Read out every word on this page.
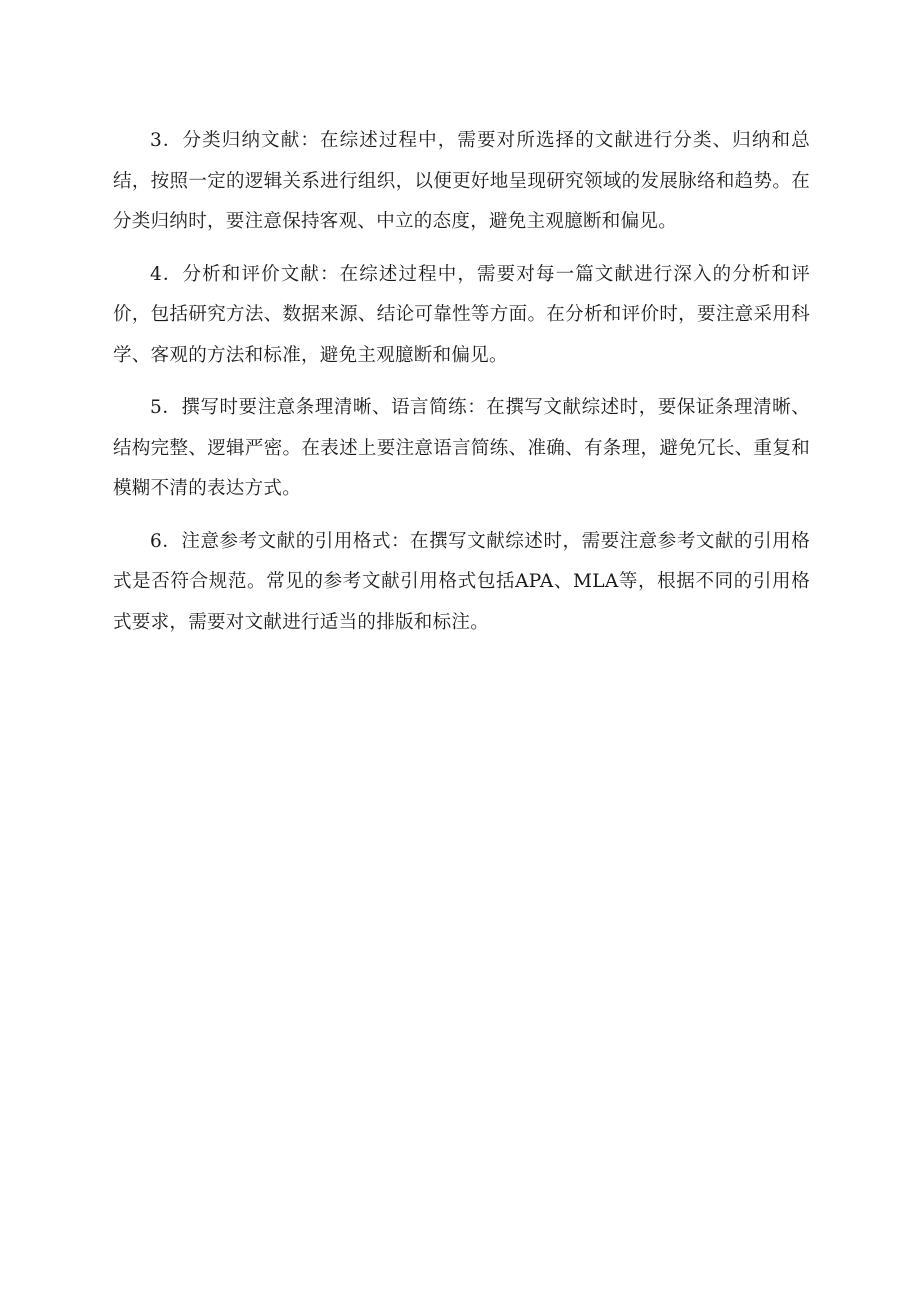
3．分类归纳文献：在综述过程中，需要对所选择的文献进行分类、归纳和总结，按照一定的逻辑关系进行组织，以便更好地呈现研究领域的发展脉络和趋势。在分类归纳时，要注意保持客观、中立的态度，避免主观臆断和偏见。

4．分析和评价文献：在综述过程中，需要对每一篇文献进行深入的分析和评价，包括研究方法、数据来源、结论可靠性等方面。在分析和评价时，要注意采用科学、客观的方法和标准，避免主观臆断和偏见。

5．撰写时要注意条理清晰、语言简练：在撰写文献综述时，要保证条理清晰、结构完整、逻辑严密。在表述上要注意语言简练、准确、有条理，避免冗长、重复和模糊不清的表达方式。

6．注意参考文献的引用格式：在撰写文献综述时，需要注意参考文献的引用格式是否符合规范。常见的参考文献引用格式包括APA、MLA等，根据不同的引用格式要求，需要对文献进行适当的排版和标注。
